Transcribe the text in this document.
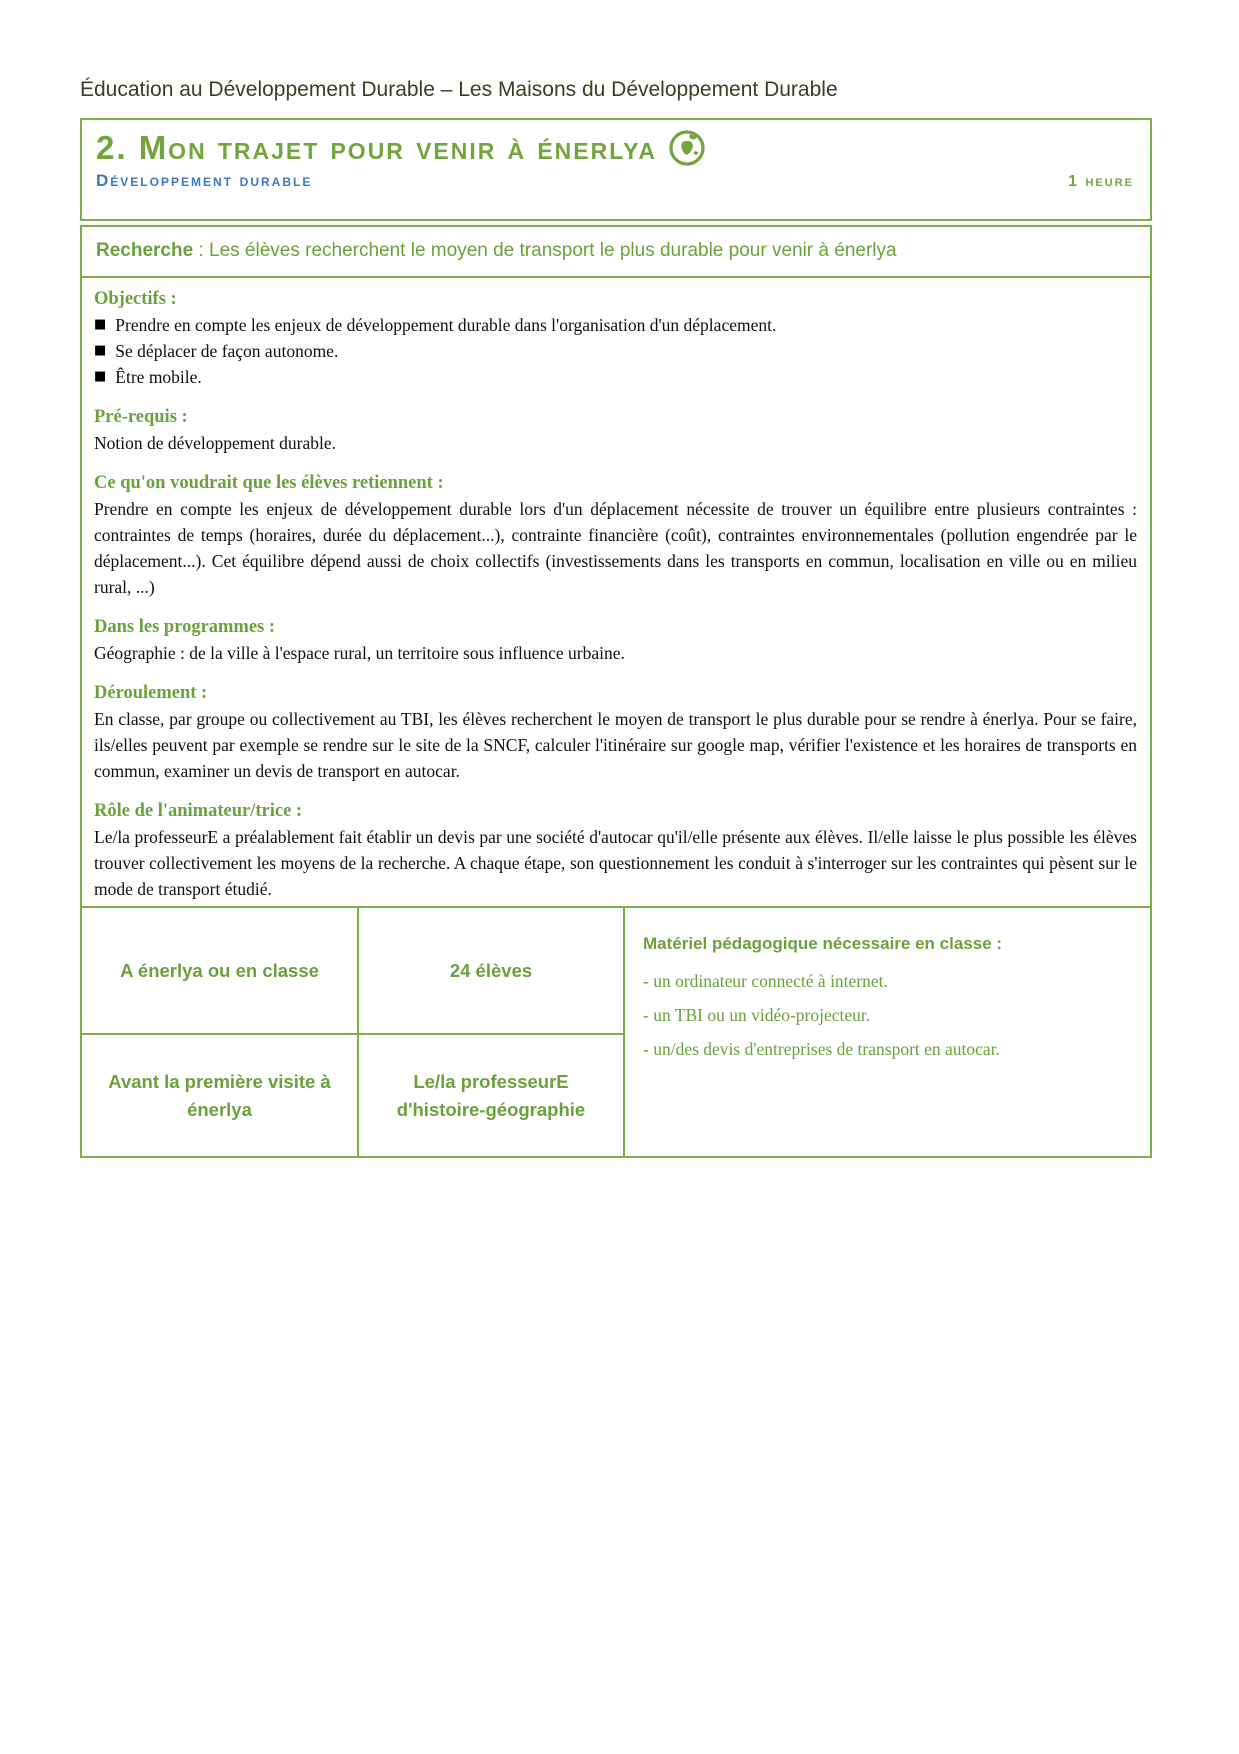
Éducation au Développement Durable – Les Maisons du Développement Durable
2. Mon trajet pour venir à énerlya
Développement durable	1 heure
Recherche : Les élèves recherchent le moyen de transport le plus durable pour venir à énerlya
Objectifs :
■ Prendre en compte les enjeux de développement durable dans l'organisation d'un déplacement.
■ Se déplacer de façon autonome.
■ Être mobile.
Pré-requis :
Notion de développement durable.
Ce qu'on voudrait que les élèves retiennent :
Prendre en compte les enjeux de développement durable lors d'un déplacement nécessite de trouver un équilibre entre plusieurs contraintes : contraintes de temps (horaires, durée du déplacement...), contrainte financière (coût), contraintes environnementales (pollution engendrée par le déplacement...). Cet équilibre dépend aussi de choix collectifs (investissements dans les transports en commun, localisation en ville ou en milieu rural, ...)
Dans les programmes :
Géographie : de la ville à l'espace rural, un territoire sous influence urbaine.
Déroulement :
En classe, par groupe ou collectivement au TBI, les élèves recherchent le moyen de transport le plus durable pour se rendre à énerlya. Pour se faire, ils/elles peuvent par exemple se rendre sur le site de la SNCF, calculer l'itinéraire sur google map, vérifier l'existence et les horaires de transports en commun, examiner un devis de transport en autocar.
Rôle de l'animateur/trice :
Le/la professeurE a préalablement fait établir un devis par une société d'autocar qu'il/elle présente aux élèves. Il/elle laisse le plus possible les élèves trouver collectivement les moyens de la recherche. A chaque étape, son questionnement les conduit à s'interroger sur les contraintes qui pèsent sur le mode de transport étudié.
A énerlya ou en classe	24 élèves
Matériel pédagogique nécessaire en classe :
- un ordinateur connecté à internet.
- un TBI ou un vidéo-projecteur.
- un/des devis d'entreprises de transport en autocar.
Avant la première visite à énerlya
Le/la professeurE d'histoire-géographie
